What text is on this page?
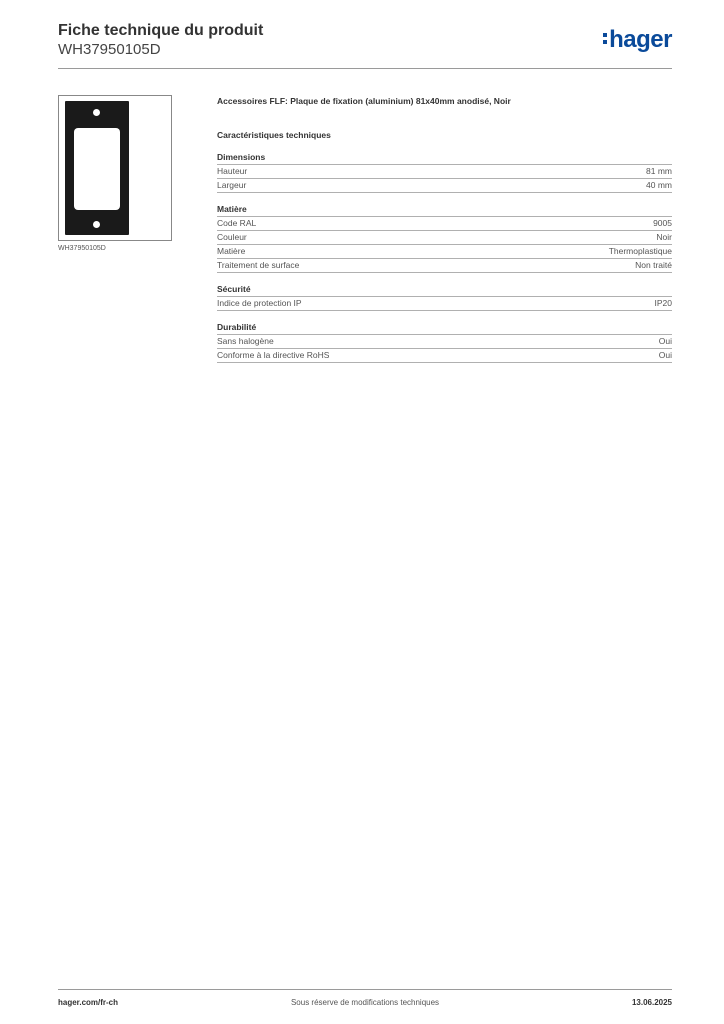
Fiche technique du produit
WH37950105D	hager
WH37950105D
Accessoires FLF: Plaque de fixation (aluminium) 81x40mm anodisé, Noir
Caractéristiques techniques
Dimensions
Hauteur	81 mm
Largeur	40 mm
Matière
Code RAL	9005
Couleur	Noir
Matière	Thermoplastique
Traitement de surface	Non traité
Sécurité
Indice de protection IP	IP20
Durabilité
Sans halogène	Oui
Conforme à la directive RoHS	Oui
hager.com/fr-ch	Sous réserve de modifications techniques	13.06.2025
